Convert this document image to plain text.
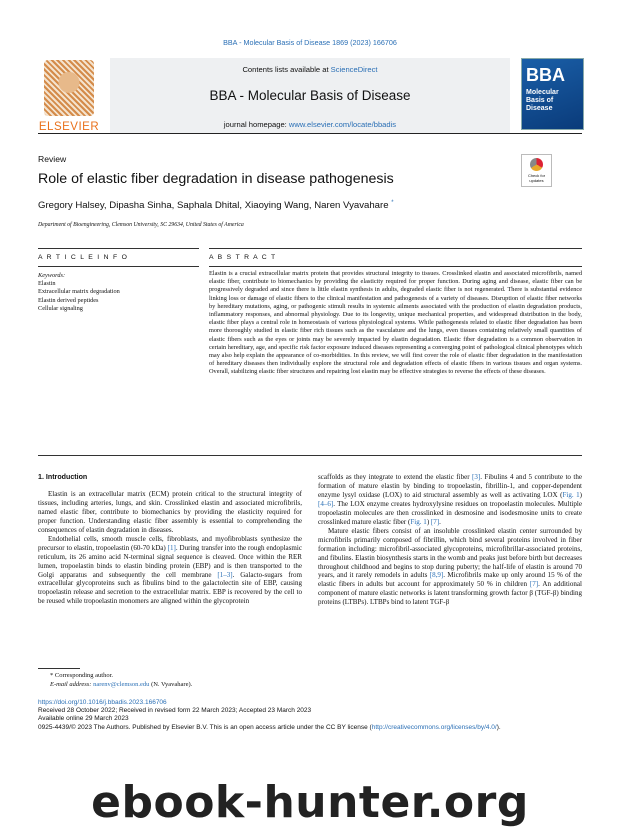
BBA - Molecular Basis of Disease 1869 (2023) 166706
ELSEVIER
Contents lists available at ScienceDirect
BBA - Molecular Basis of Disease
journal homepage: www.elsevier.com/locate/bbadis
BBA
Molecular
Basis of
Disease
Review
Role of elastic fiber degradation in disease pathogenesis	Check for
updates
Gregory Halsey, Dipasha Sinha, Saphala Dhital, Xiaoying Wang, Naren Vyavahare *
Department of Bioengineering, Clemson University, SC 29634, United States of America
A R T I C L E I N F O	A B S T R A C T
Keywords:
Elastin
Extracellular matrix degradation
Elastin derived peptides
Cellular signaling
Elastin is a crucial extracellular matrix protein that provides structural integrity to tissues. Crosslinked elastin and associated microfibrils, named elastic fiber, contribute to biomechanics by providing the elasticity required for proper function. During aging and disease, elastic fiber can be progressively degraded and since there is little elastin synthesis in adults, degraded elastic fiber is not regenerated. There is substantial evidence linking loss or damage of elastic fibers to the clinical manifestation and pathogenesis of a variety of diseases. Disruption of elastic fiber networks by hereditary mutations, aging, or pathogenic stimuli results in systemic ailments associated with the production of elastin degradation products, inflammatory responses, and abnormal physiology. Due to its longevity, unique mechanical properties, and widespread distribution in the body, elastic fiber plays a central role in homeostasis of various physiological systems. While pathogenesis related to elastic fiber degradation has been more thoroughly studied in elastic fiber rich tissues such as the vasculature and the lungs, even tissues containing relatively small quantities of elastic fibers such as the eyes or joints may be severely impacted by elastin degradation. Elastic fiber degradation is a common observation in certain hereditary, age, and specific risk factor exposure induced diseases representing a converging point of pathological clinical phenotypes which may also help explain the appearance of co-morbidities. In this review, we will first cover the role of elastic fiber degradation in the manifestation of hereditary diseases then individually explore the structural role and degradation effects of elastic fibers in various tissues and organ systems. Overall, stabilizing elastic fiber structures and repairing lost elastin may be effective strategies to reverse the effects of these diseases.

1. Introduction

Elastin is an extracellular matrix (ECM) protein critical to the structural integrity of tissues, including arteries, lungs, and skin. Crosslinked elastin and associated microfibrils, named elastic fiber, contribute to biomechanics by providing the elasticity required for proper function. Understanding elastic fiber assembly is essential to comprehending the consequences of elastin degradation in diseases.

Endothelial cells, smooth muscle cells, fibroblasts, and myofibroblasts synthesize the precursor to elastin, tropoelastin (60-70 kDa) [1]. During transfer into the rough endoplasmic reticulum, its 26 amino acid N-terminal signal sequence is cleaved. Once within the RER lumen, tropoelastin binds to elastin binding protein (EBP) and is then transported to the Golgi apparatus and subsequently the cell membrane [1–3]. Galacto-sugars from extracellular glycoproteins such as fibulins bind to the galactolectin site of EBP, causing tropoelastin release and secretion to the extracellular matrix. EBP is recovered by the cell to be reused while tropoelastin monomers are aligned within the glycoprotein

scaffolds as they integrate to extend the elastic fiber [3]. Fibulins 4 and 5 contribute to the formation of mature elastin by binding to tropoelastin, fibrillin-1, and copper-dependent enzyme lysyl oxidase (LOX) to aid structural assembly as well as activating LOX (Fig. 1) [4–6]. The LOX enzyme creates hydroxylysine residues on tropoelastin molecules. Multiple tropoelastin molecules are then crosslinked in desmosine and isodesmosine units to create crosslinked mature elastic fiber (Fig. 1) [7].

Mature elastic fibers consist of an insoluble crosslinked elastin center surrounded by microfibrils primarily composed of fibrillin, which bind several proteins involved in fiber formation including: microfibril-associated glycoproteins, microfibrillar-associated proteins, and fibulins. Elastin biosynthesis starts in the womb and peaks just before birth but decreases throughout childhood and begins to stop during puberty; the half-life of elastin is around 70 years, and it rarely remodels in adults [8,9]. Microfibrils make up only around 15 % of the elastic fibers in adults but account for approximately 50 % in children [7]. An additional component of mature elastic networks is latent transforming growth factor β (TGF-β) binding proteins (LTBPs). LTBPs bind to latent TGF-β

* Corresponding author.
E-mail address: narenv@clemson.edu (N. Vyavahare).
https://doi.org/10.1016/j.bbadis.2023.166706
Received 28 October 2022; Received in revised form 22 March 2023; Accepted 23 March 2023
Available online 29 March 2023
0925-4439/© 2023 The Authors. Published by Elsevier B.V. This is an open access article under the CC BY license (http://creativecommons.org/licenses/by/4.0/).
ebook-hunter.org
